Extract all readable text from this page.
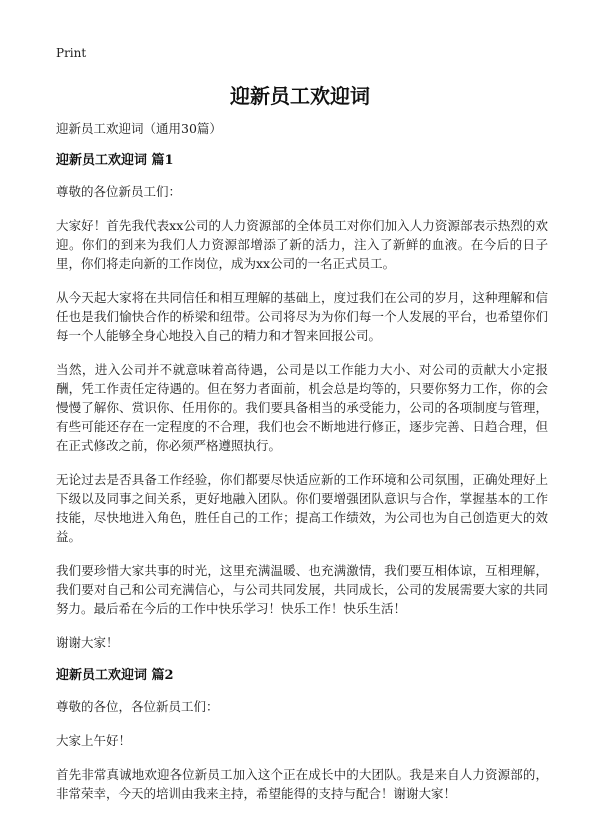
Print
迎新员工欢迎词

迎新员工欢迎词（通用30篇）

迎新员工欢迎词 篇1

尊敬的各位新员工们：

大家好！首先我代表xx公司的人力资源部的全体员工对你们加入人力资源部表示热烈的欢迎。你们的到来为我们人力资源部增添了新的活力，注入了新鲜的血液。在今后的日子里，你们将走向新的工作岗位，成为xx公司的一名正式员工。

从今天起大家将在共同信任和相互理解的基础上，度过我们在公司的岁月，这种理解和信任也是我们愉快合作的桥梁和纽带。公司将尽为为你们每一个人发展的平台，也希望你们每一个人能够全身心地投入自己的精力和才智来回报公司。

当然，进入公司并不就意味着高待遇，公司是以工作能力大小、对公司的贡献大小定报酬，凭工作责任定待遇的。但在努力者面前，机会总是均等的，只要你努力工作，你的会慢慢了解你、赏识你、任用你的。我们要具备相当的承受能力，公司的各项制度与管理，有些可能还存在一定程度的不合理，我们也会不断地进行修正，逐步完善、日趋合理，但在正式修改之前，你必须严格遵照执行。

无论过去是否具备工作经验，你们都要尽快适应新的工作环境和公司氛围，正确处理好上下级以及同事之间关系，更好地融入团队。你们要增强团队意识与合作，掌握基本的工作技能，尽快地进入角色，胜任自己的工作；提高工作绩效，为公司也为自己创造更大的效益。

我们要珍惜大家共事的时光，这里充满温暖、也充满激情，我们要互相体谅，互相理解，我们要对自己和公司充满信心，与公司共同发展，共同成长，公司的发展需要大家的共同努力。最后希在今后的工作中快乐学习！快乐工作！快乐生活！

谢谢大家！

迎新员工欢迎词 篇2

尊敬的各位，各位新员工们：

大家上午好！

首先非常真诚地欢迎各位新员工加入这个正在成长中的大团队。我是来自人力资源部的，非常荣幸，今天的培训由我来主持，希望能得的支持与配合！谢谢大家！
